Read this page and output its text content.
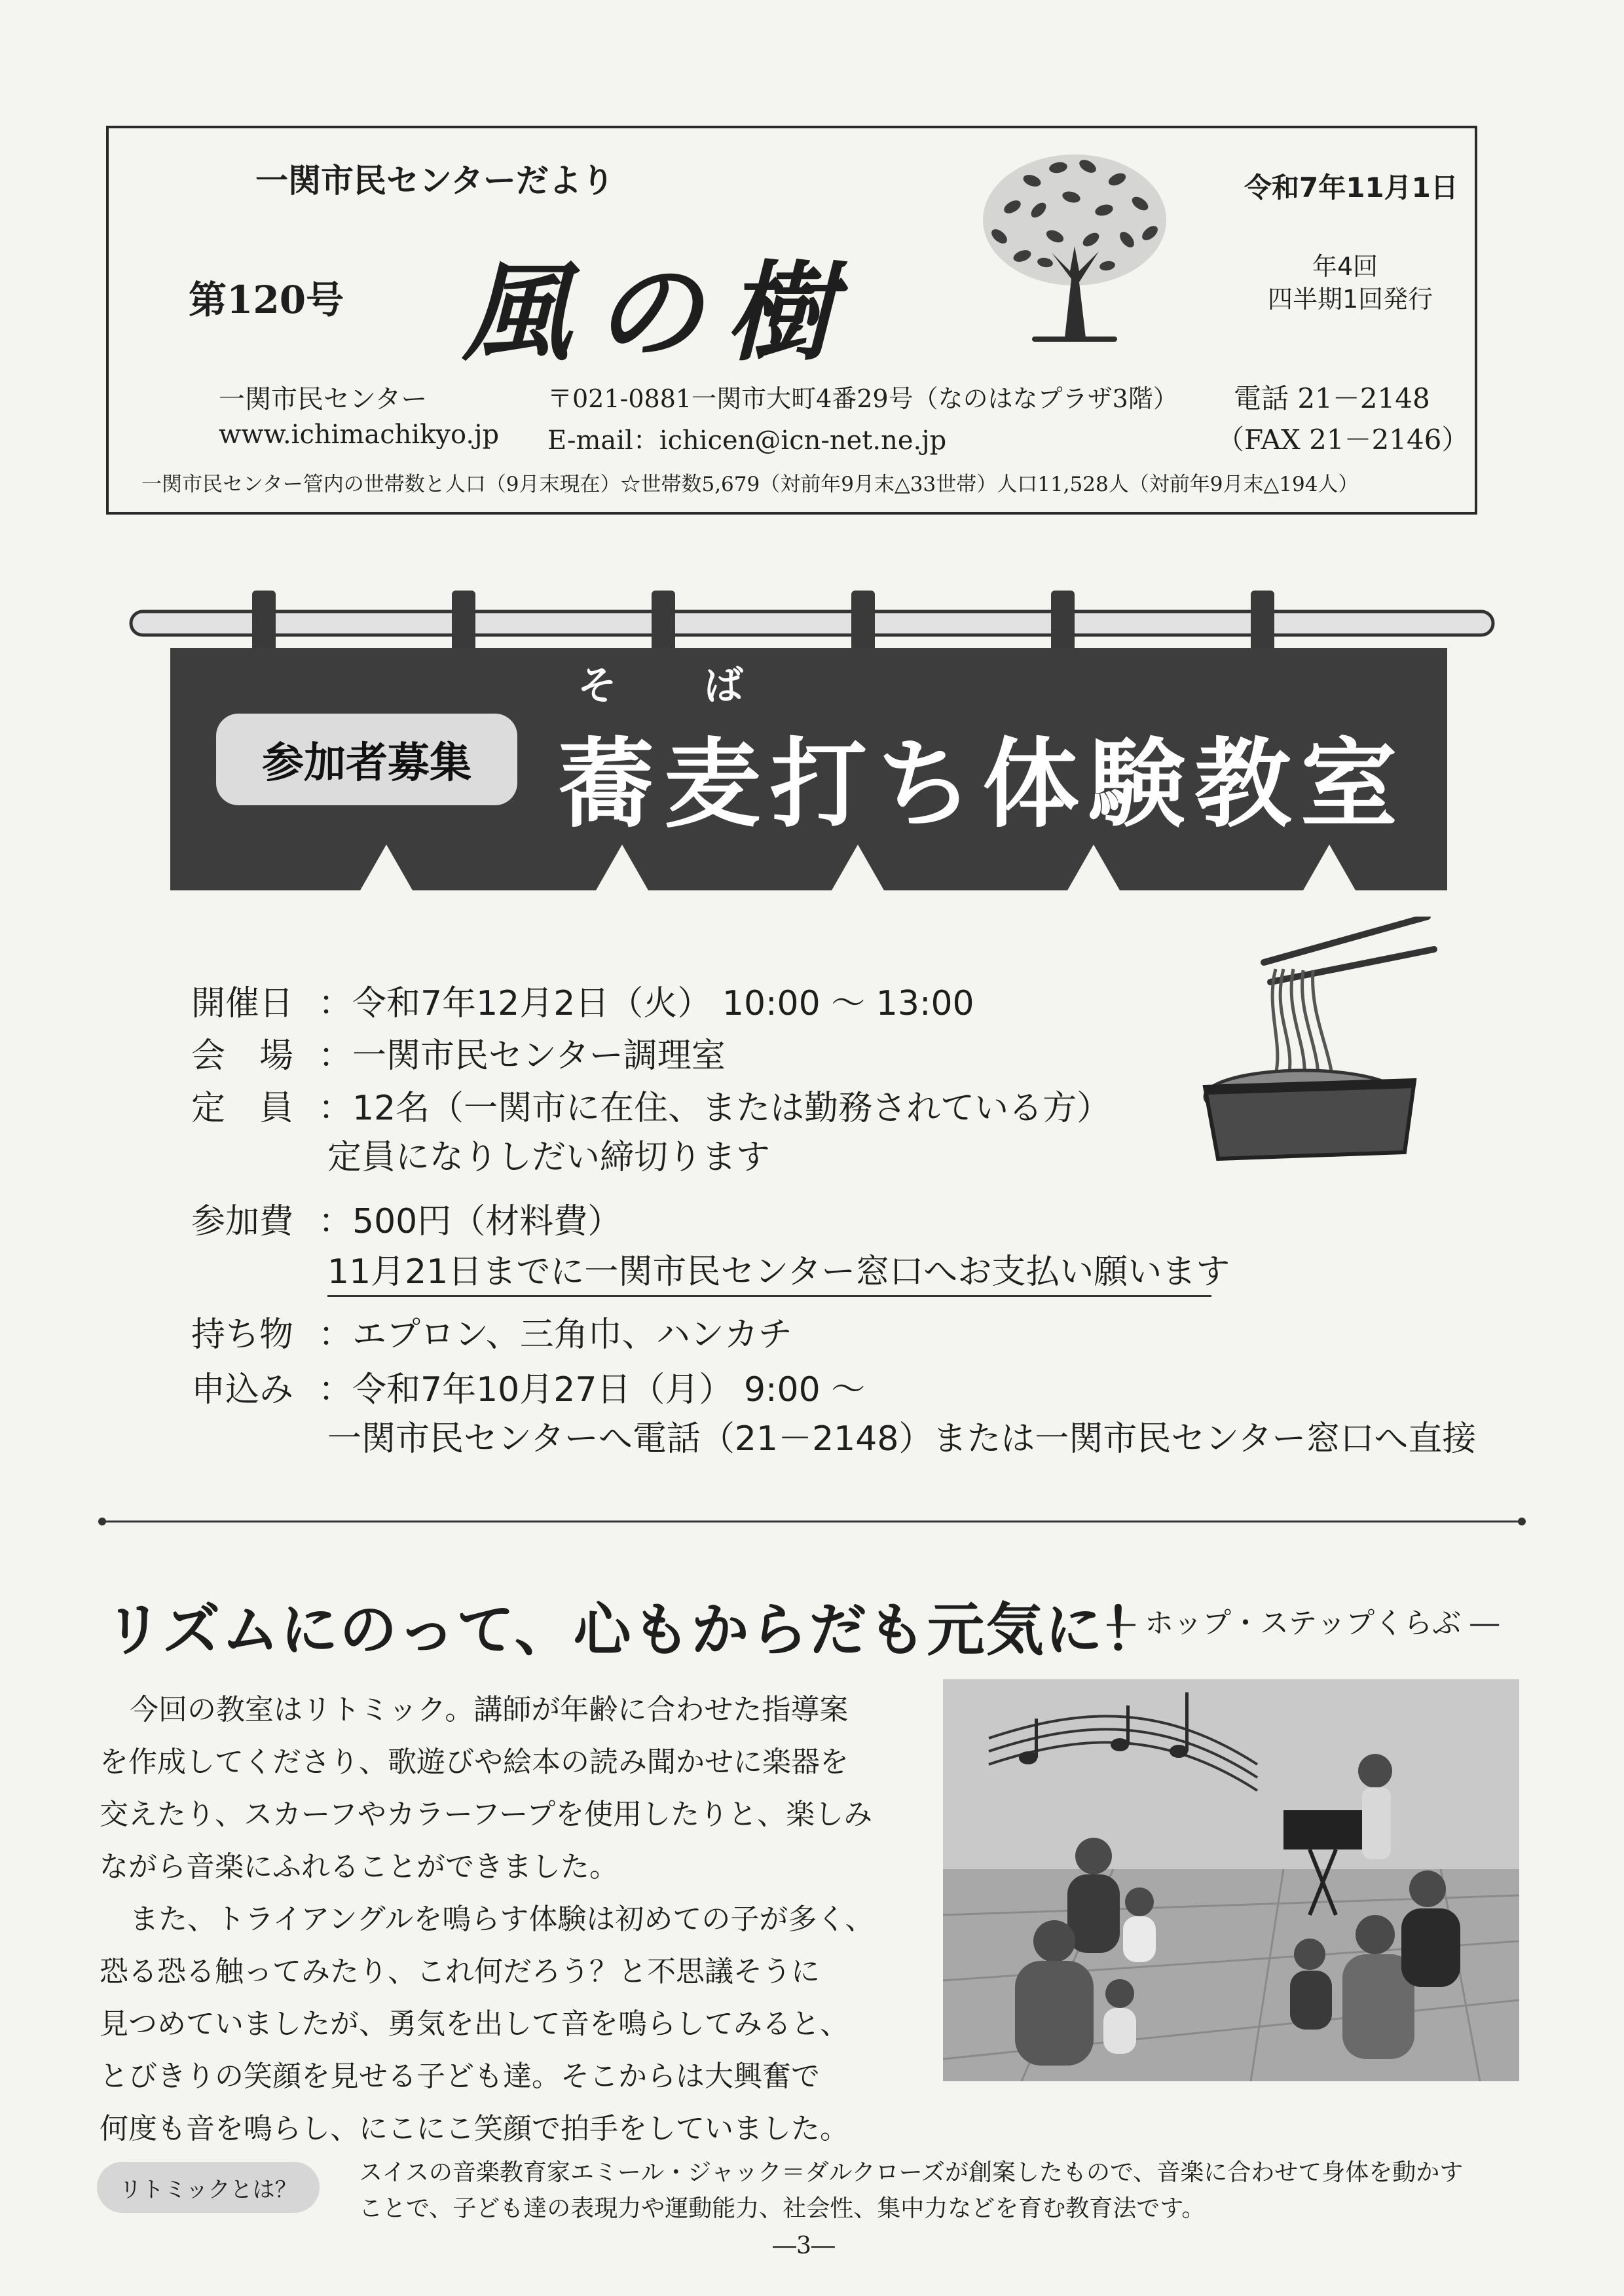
一関市民センターだより
第120号 風の樹
令和7年11月1日
年4回
四半期1回発行
一関市民センター
www.ichimachikyo.jp
〒021-0881一関市大町4番29号（なのはなプラザ3階）
E-mail：ichicen@icn-net.ne.jp
電話 21－2148
（FAX 21－2146）
一関市民センター管内の世帯数と人口（9月末現在）☆世帯数5,679（対前年9月末△33世帯）人口11,528人（対前年9月末△194人）
参加者募集
そ ば
蕎麦打ち体験教室
開催日 ：令和7年12月2日（火） 10:00 ～ 13:00
会　場 ：一関市民センター調理室
定　員 ：12名（一関市に在住、または勤務されている方）
定員になりしだい締切ります
参加費 ：500円（材料費）
11月21日までに一関市民センター窓口へお支払い願います
持ち物 ：エプロン、三角巾、ハンカチ
申込み ：令和7年10月27日（月） 9:00 ～
一関市民センターへ電話（21－2148）または一関市民センター窓口へ直接
リズムにのって、心もからだも元気に！
― ホップ・ステップくらぶ ―
今回の教室はリトミック。講師が年齢に合わせた指導案
を作成してくださり、歌遊びや絵本の読み聞かせに楽器を
交えたり、スカーフやカラーフープを使用したりと、楽しみ
ながら音楽にふれることができました。
また、トライアングルを鳴らす体験は初めての子が多く、
恐る恐る触ってみたり、これ何だろう？と不思議そうに
見つめていましたが、勇気を出して音を鳴らしてみると、
とびきりの笑顔を見せる子ども達。そこからは大興奮で
何度も音を鳴らし、にこにこ笑顔で拍手をしていました。
リトミックとは？
スイスの音楽教育家エミール・ジャック＝ダルクローズが創案したもので、音楽に合わせて身体を動かす
ことで、子ども達の表現力や運動能力、社会性、集中力などを育む教育法です。
―3―
